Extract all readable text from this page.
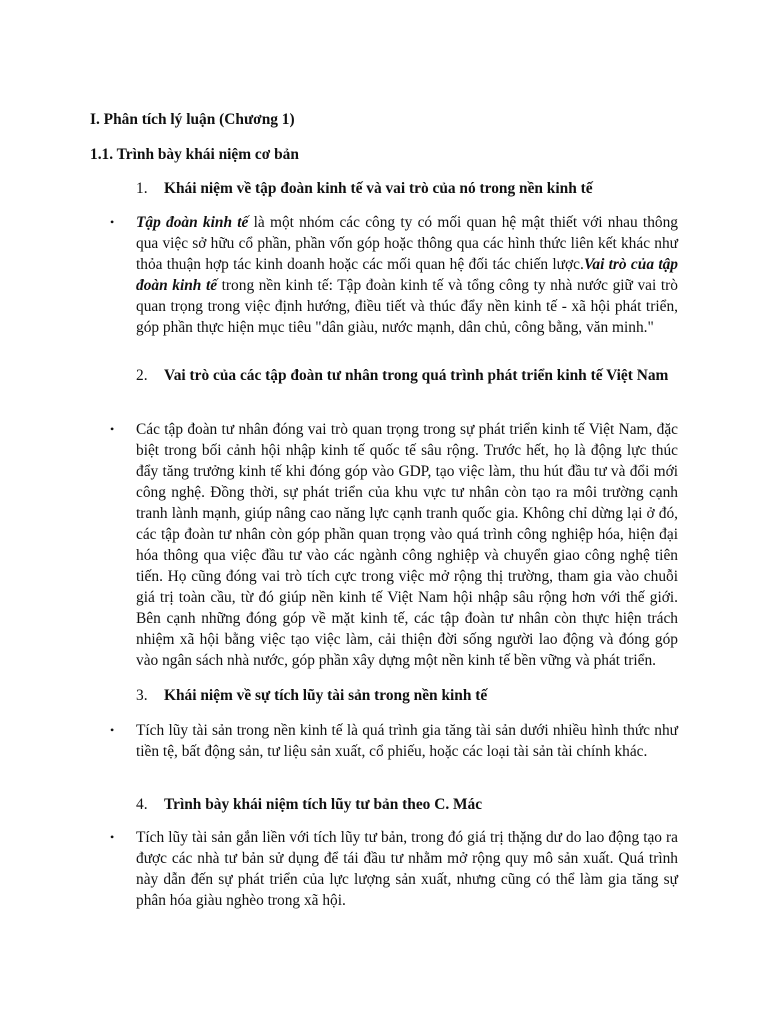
I. Phân tích lý luận (Chương 1)
1.1. Trình bày khái niệm cơ bản
1. Khái niệm về tập đoàn kinh tế và vai trò của nó trong nền kinh tế
•	Tập đoàn kinh tế là một nhóm các công ty có mối quan hệ mật thiết với nhau thông qua việc sở hữu cổ phần, phần vốn góp hoặc thông qua các hình thức liên kết khác như thỏa thuận hợp tác kinh doanh hoặc các mối quan hệ đối tác chiến lược.Vai trò của tập đoàn kinh tế trong nền kinh tế: Tập đoàn kinh tế và tổng công ty nhà nước giữ vai trò quan trọng trong việc định hướng, điều tiết và thúc đẩy nền kinh tế - xã hội phát triển, góp phần thực hiện mục tiêu "dân giàu, nước mạnh, dân chủ, công bằng, văn minh."
2. Vai trò của các tập đoàn tư nhân trong quá trình phát triển kinh tế Việt Nam
•	Các tập đoàn tư nhân đóng vai trò quan trọng trong sự phát triển kinh tế Việt Nam, đặc biệt trong bối cảnh hội nhập kinh tế quốc tế sâu rộng. Trước hết, họ là động lực thúc đẩy tăng trưởng kinh tế khi đóng góp vào GDP, tạo việc làm, thu hút đầu tư và đổi mới công nghệ. Đồng thời, sự phát triển của khu vực tư nhân còn tạo ra môi trường cạnh tranh lành mạnh, giúp nâng cao năng lực cạnh tranh quốc gia. Không chỉ dừng lại ở đó, các tập đoàn tư nhân còn góp phần quan trọng vào quá trình công nghiệp hóa, hiện đại hóa thông qua việc đầu tư vào các ngành công nghiệp và chuyển giao công nghệ tiên tiến. Họ cũng đóng vai trò tích cực trong việc mở rộng thị trường, tham gia vào chuỗi giá trị toàn cầu, từ đó giúp nền kinh tế Việt Nam hội nhập sâu rộng hơn với thế giới. Bên cạnh những đóng góp về mặt kinh tế, các tập đoàn tư nhân còn thực hiện trách nhiệm xã hội bằng việc tạo việc làm, cải thiện đời sống người lao động và đóng góp vào ngân sách nhà nước, góp phần xây dựng một nền kinh tế bền vững và phát triển.
3. Khái niệm về sự tích lũy tài sản trong nền kinh tế
•	Tích lũy tài sản trong nền kinh tế là quá trình gia tăng tài sản dưới nhiều hình thức như tiền tệ, bất động sản, tư liệu sản xuất, cổ phiếu, hoặc các loại tài sản tài chính khác.
4. Trình bày khái niệm tích lũy tư bản theo C. Mác
•	Tích lũy tài sản gắn liền với tích lũy tư bản, trong đó giá trị thặng dư do lao động tạo ra được các nhà tư bản sử dụng để tái đầu tư nhằm mở rộng quy mô sản xuất. Quá trình này dẫn đến sự phát triển của lực lượng sản xuất, nhưng cũng có thể làm gia tăng sự phân hóa giàu nghèo trong xã hội.
